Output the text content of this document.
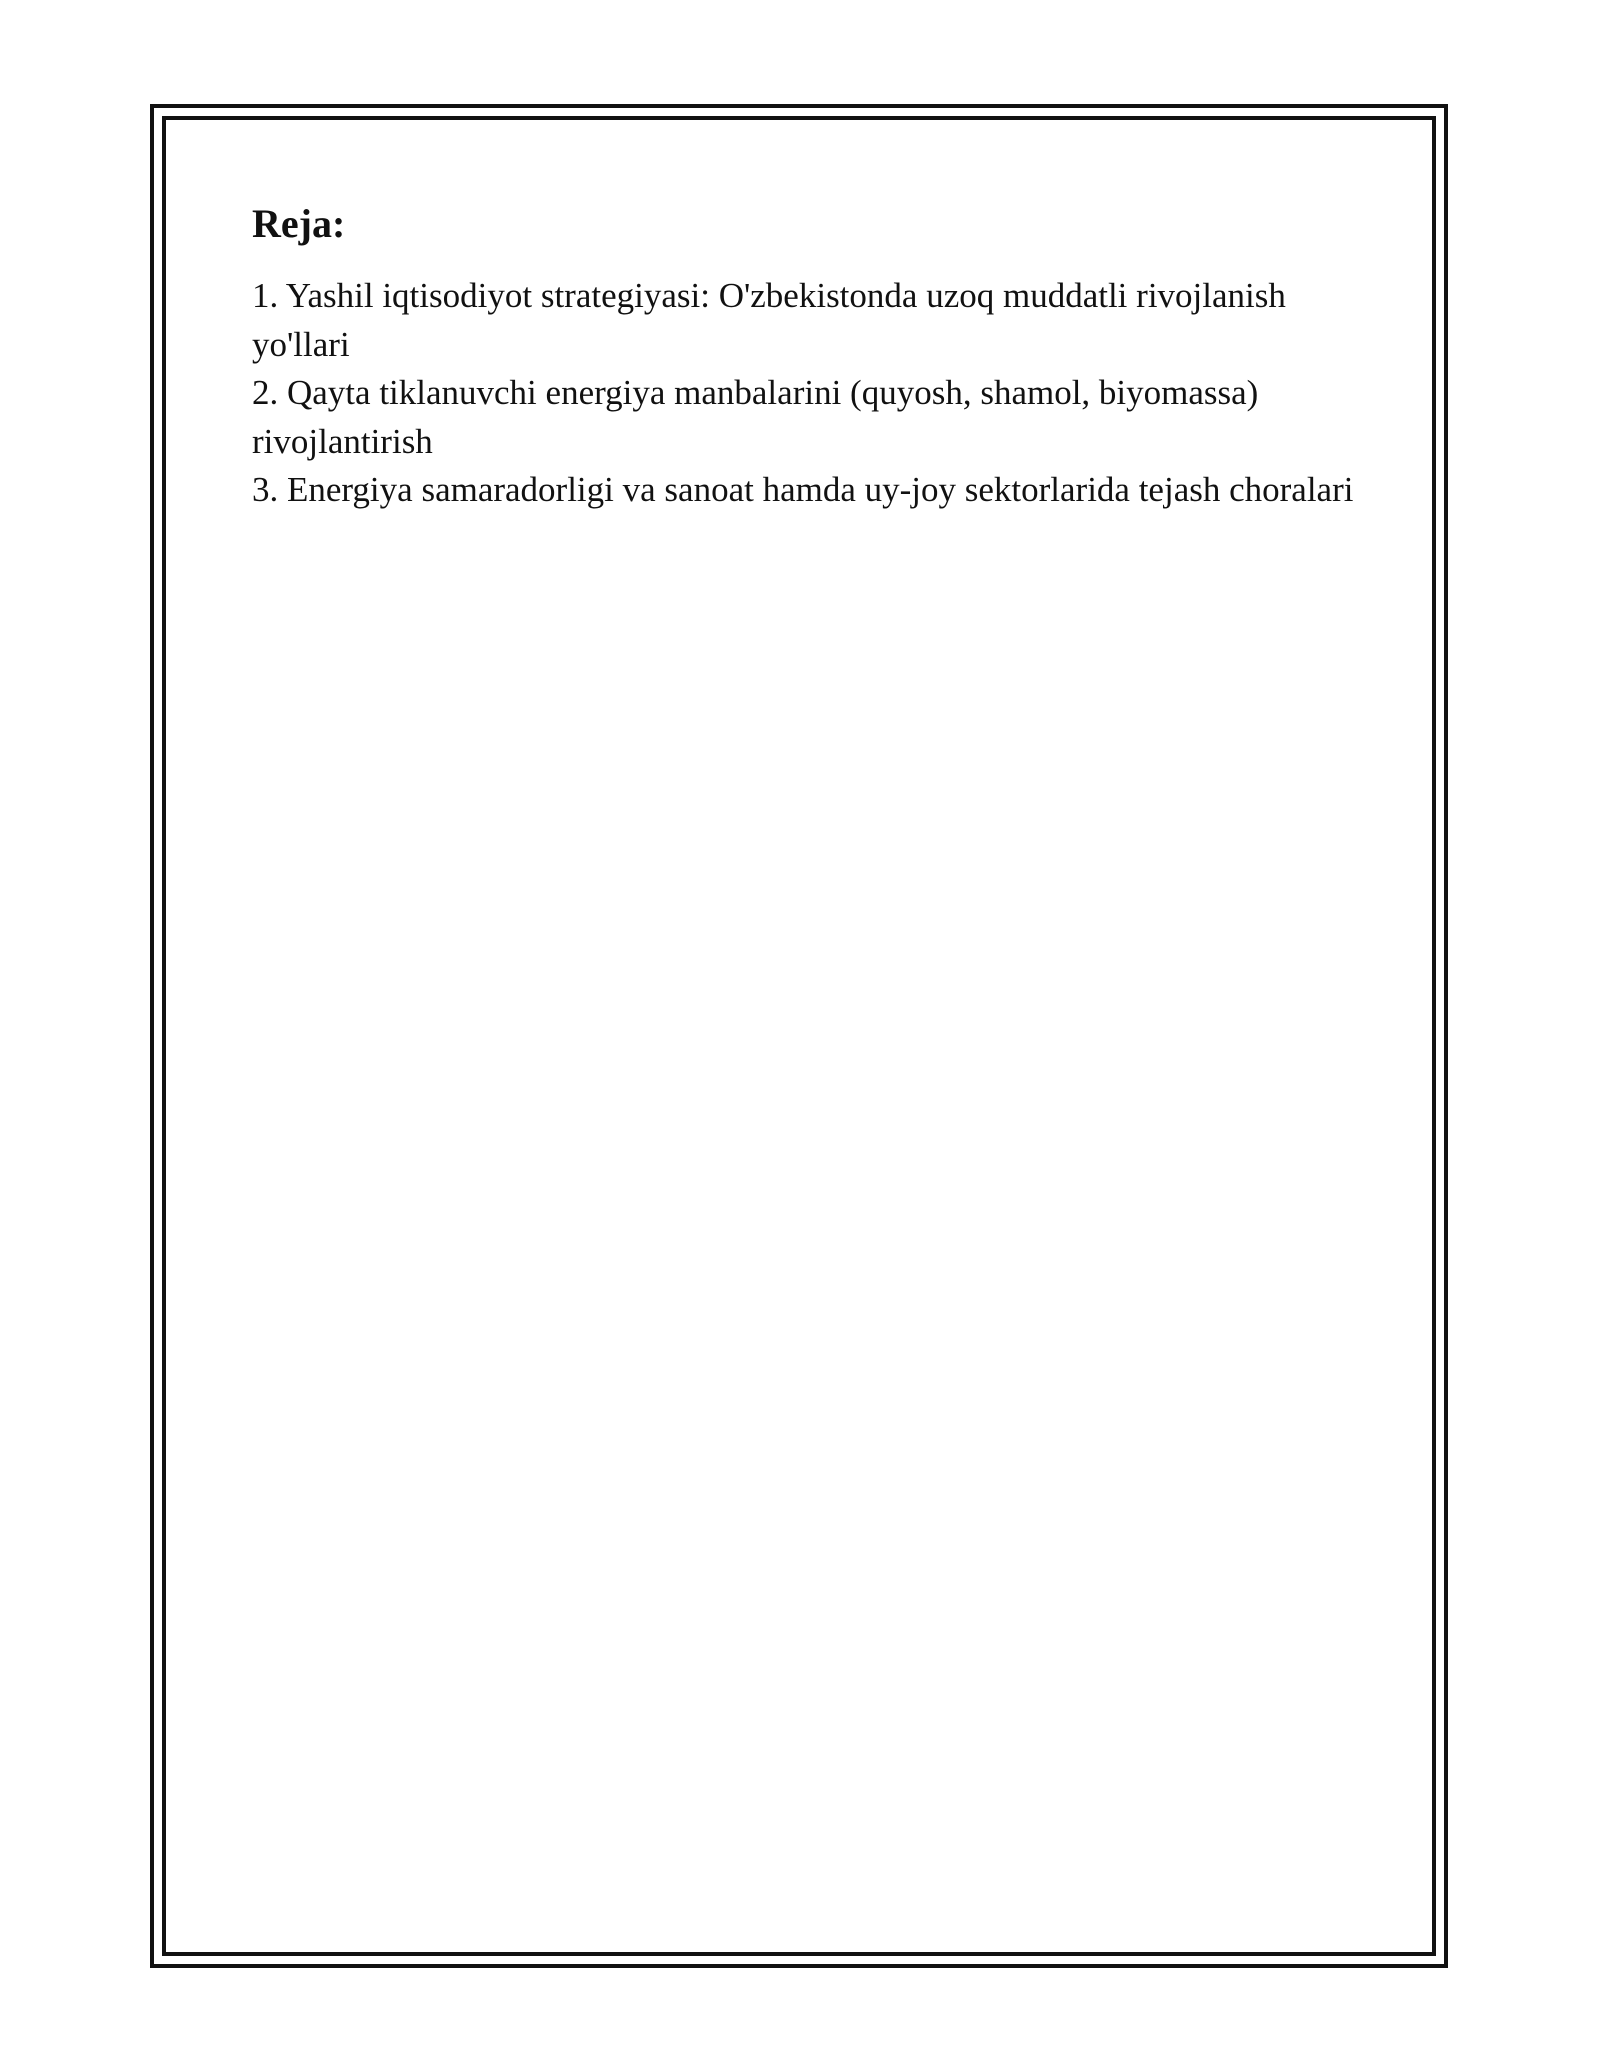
Reja:
1. Yashil iqtisodiyot strategiyasi: O'zbekistonda uzoq muddatli rivojlanish yo'llari
2. Qayta tiklanuvchi energiya manbalarini (quyosh, shamol, biyomassa) rivojlantirish
3. Energiya samaradorligi va sanoat hamda uy-joy sektorlarida tejash choralari
